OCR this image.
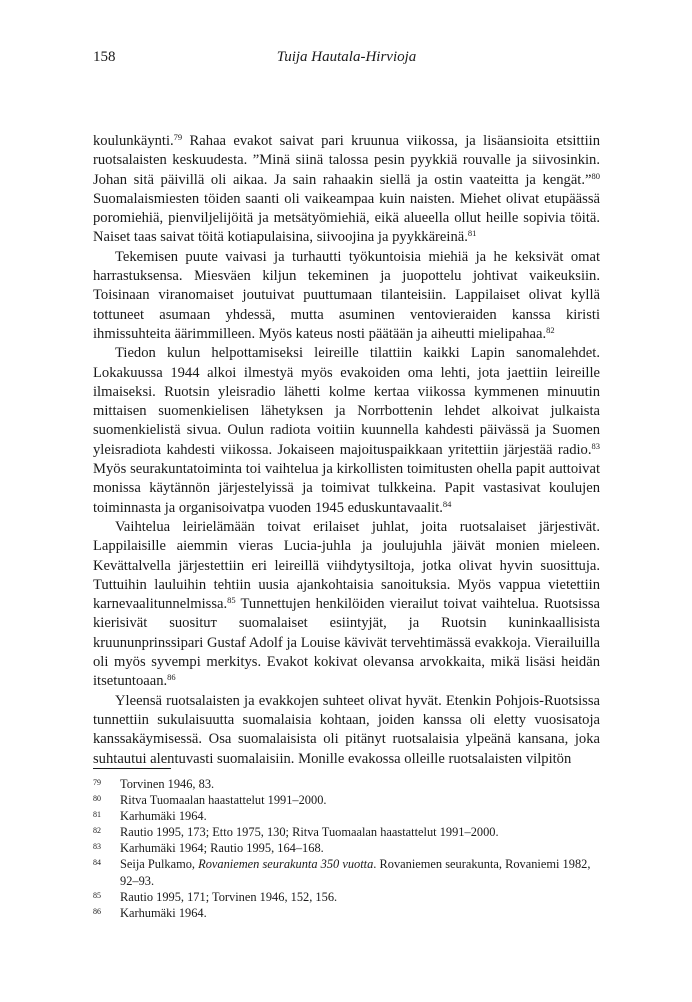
158	Tuija Hautala-Hirvioja

koulunkäynti.$^{79}$ Rahaa evakot saivat pari kruunua viikossa, ja lisäansioita etsittiin ruotsalaisten keskuudesta. ”Minä siinä talossa pesin pyykkiä rouvalle ja siivosinkin. Johan sitä päivillä oli aikaa. Ja sain rahaakin siellä ja ostin vaateitta ja kengät.”$^{80}$ Suomalaismiesten töiden saanti oli vaikeampaa kuin naisten. Miehet olivat etupäässä poromiehiä, pienviljelijöitä ja metsätyömiehiä, eikä alueella ollut heille sopivia töitä. Naiset taas saivat töitä kotiapulaisina, siivoojina ja pyykkäreinä.$^{81}$

Tekemisen puute vaivasi ja turhautti työkuntoisia miehiä ja he keksivät omat harrastuksensa. Miesväen kiljun tekeminen ja juopottelu johtivat vaikeuksiin. Toisinaan viranomaiset joutuivat puuttumaan tilanteisiin. Lappilaiset olivat kyllä tottuneet asumaan yhdessä, mutta asuminen ventovieraiden kanssa kiristi ihmissuhteita äärimmilleen. Myös kateus nosti päätään ja aiheutti mielipahaa.$^{82}$

Tiedon kulun helpottamiseksi leireille tilattiin kaikki Lapin sanomalehdet. Lokakuussa 1944 alkoi ilmestyä myös evakoiden oma lehti, jota jaettiin leireille ilmaiseksi. Ruotsin yleisradio lähetti kolme kertaa viikossa kymmenen minuutin mittaisen suomenkielisen lähetyksen ja Norrbottenin lehdet alkoivat julkaista suomenkielistä sivua. Oulun radiota voitiin kuunnella kahdesti päivässä ja Suomen yleisradiota kahdesti viikossa. Jokaiseen majoituspaikkaan yritettiin järjestää radio.$^{83}$ Myös seurakuntatoiminta toi vaihtelua ja kirkollisten toimitusten ohella papit auttoivat monissa käytännön järjestelyissä ja toimivat tulkkeina. Papit vastasivat koulujen toiminnasta ja organisoivatpa vuoden 1945 eduskuntavaalit.$^{84}$

Vaihtelua leirielämään toivat erilaiset juhlat, joita ruotsalaiset järjestivät. Lappilaisille aiemmin vieras Lucia-juhla ja joulujuhla jäivät monien mieleen. Kevättalvella järjestettiin eri leireillä viihdytysiltoja, jotka olivat hyvin suosittuja. Tuttuihin lauluihin tehtiin uusia ajankohtaisia sanoituksia. Myös vappua vietettiin karnevaalitunnelmissa.$^{85}$ Tunnettujen henkilöiden vierailut toivat vaihtelua. Ruotsissa kierisivät suosituт suomalaiset esiintyjät, ja Ruotsin kuninkaallisista kruununprinssipari Gustaf Adolf ja Louise kävivät tervehtimässä evakkoja. Vierailuilla oli myös syvempi merkitys. Evakot kokivat olevansa arvokkaita, mikä lisäsi heidän itsetuntoaan.$^{86}$

Yleensä ruotsalaisten ja evakkojen suhteet olivat hyvät. Etenkin Pohjois-Ruotsissa tunnettiin sukulaisuutta suomalaisia kohtaan, joiden kanssa oli eletty vuosisatoja kanssakäymisessä. Osa suomalaisista oli pitänyt ruotsalaisia ylpeänä kansana, joka suhtautui alentuvasti suomalaisiin. Monille evakossa olleille ruotsalaisten vilpitön

79	Torvinen 1946, 83.
80	Ritva Tuomaalan haastattelut 1991–2000.
81	Karhumäki 1964.
82	Rautio 1995, 173; Etto 1975, 130; Ritva Tuomaalan haastattelut 1991–2000.
83	Karhumäki 1964; Rautio 1995, 164–168.
84	Seija Pulkamo, Rovaniemen seurakunta 350 vuotta. Rovaniemen seurakunta, Rovaniemi 1982, 92–93.
85	Rautio 1995, 171; Torvinen 1946, 152, 156.
86	Karhumäki 1964.
